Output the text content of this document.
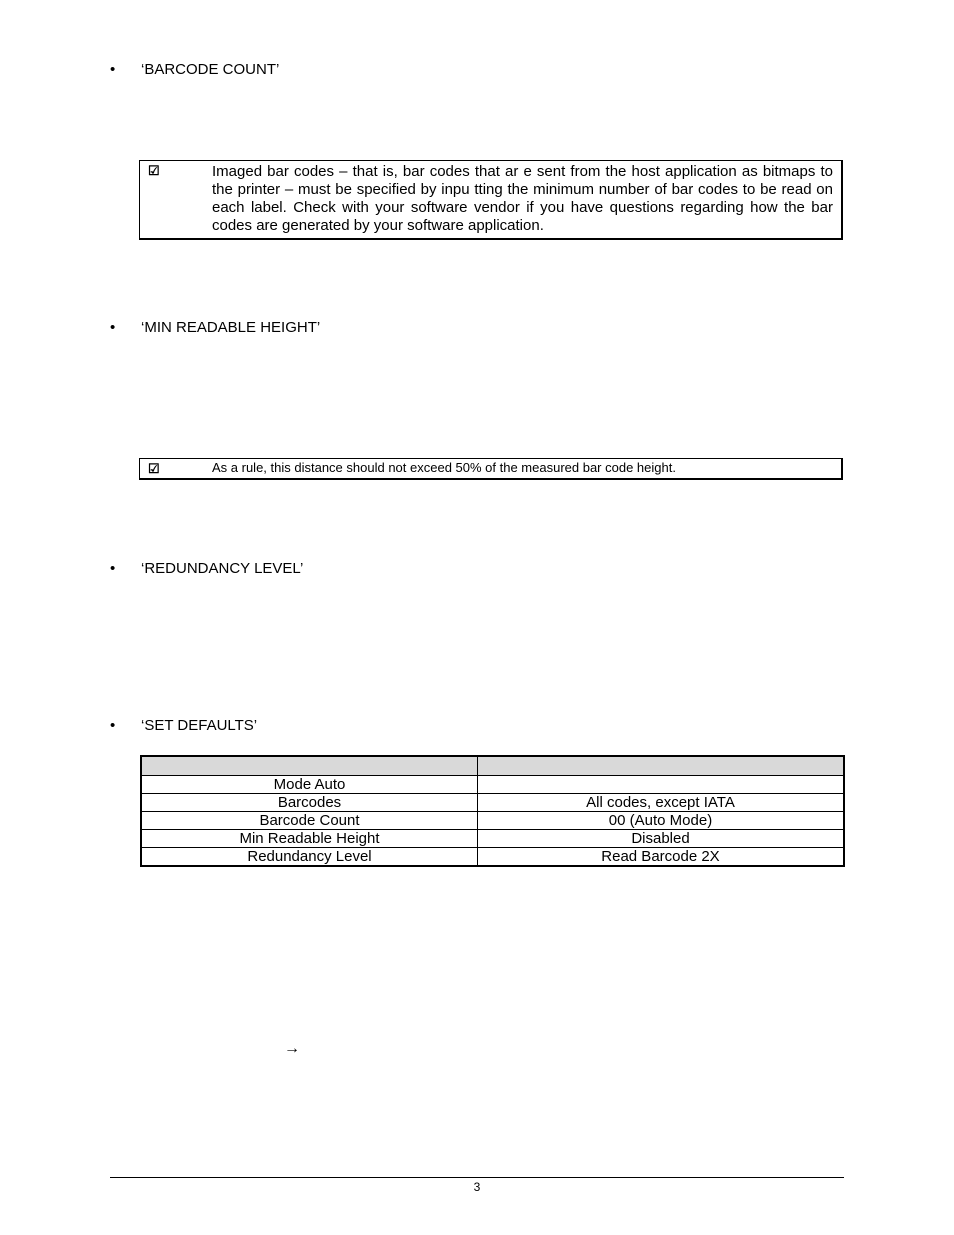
•	‘BARCODE COUNT’
☑	Imaged bar codes – that is, bar codes that ar e sent from the host application as bitmaps to the printer – must be specified by inpu tting the minimum number of bar codes to be read on each label. Check with your software vendor if you have questions regarding how the bar codes are generated by your software application.
•	‘MIN READABLE HEIGHT’
☑	As a rule, this distance should not exceed 50% of the measured bar code height.
•	‘REDUNDANCY LEVEL’
•	‘SET DEFAULTS’

Mode Auto	
Barcodes	All codes, except IATA
Barcode Count	00 (Auto Mode)
Min Readable Height	Disabled
Redundancy Level	Read Barcode 2X
→
3
